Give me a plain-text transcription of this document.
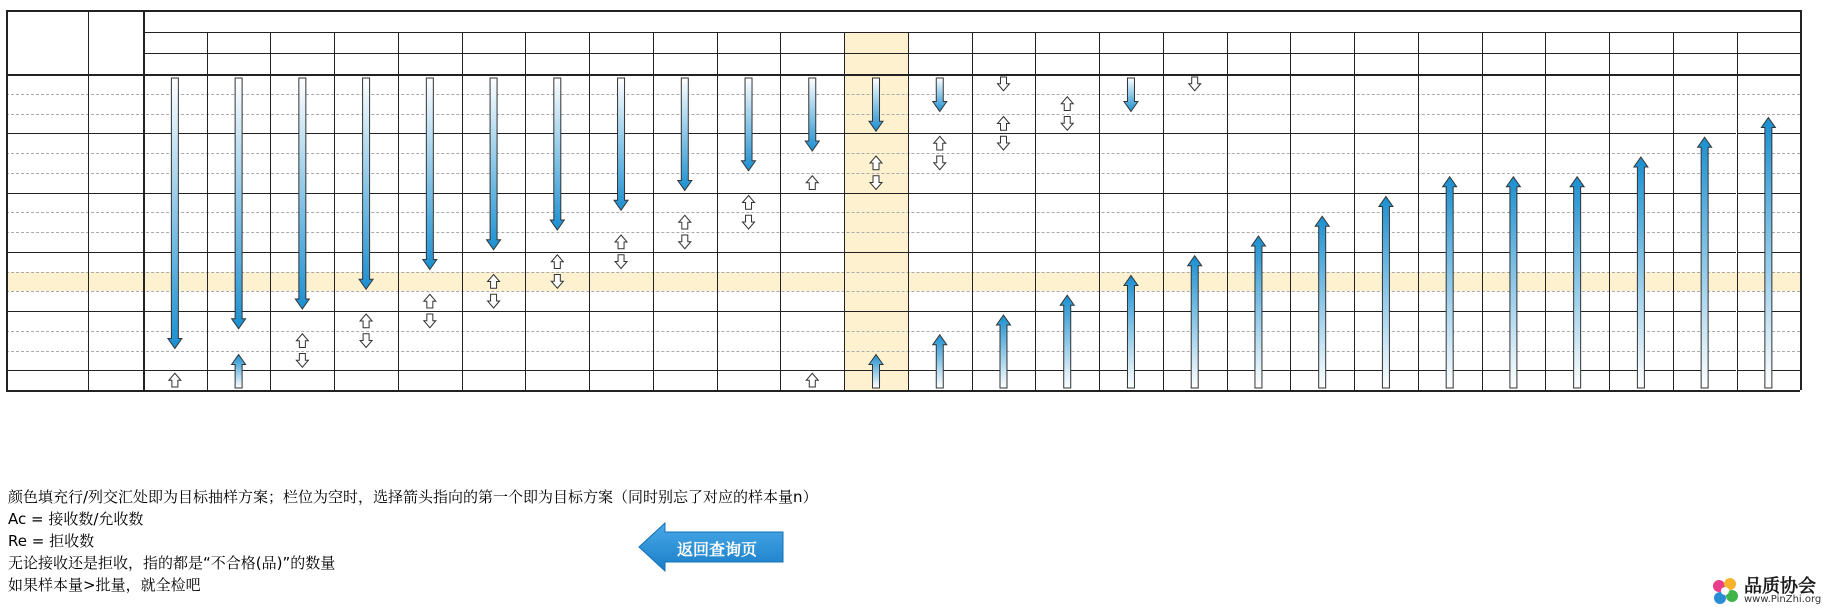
颜色填充行/列交汇处即为目标抽样方案；栏位为空时，选择箭头指向的第一个即为目标方案（同时别忘了对应的样本量n）
Ac = 接收数/允收数
Re = 拒收数
无论接收还是拒收，指的都是“不合格(品)”的数量
如果样本量>批量，就全检吧
返回查询页
品质协会
www.PinZhi.org
